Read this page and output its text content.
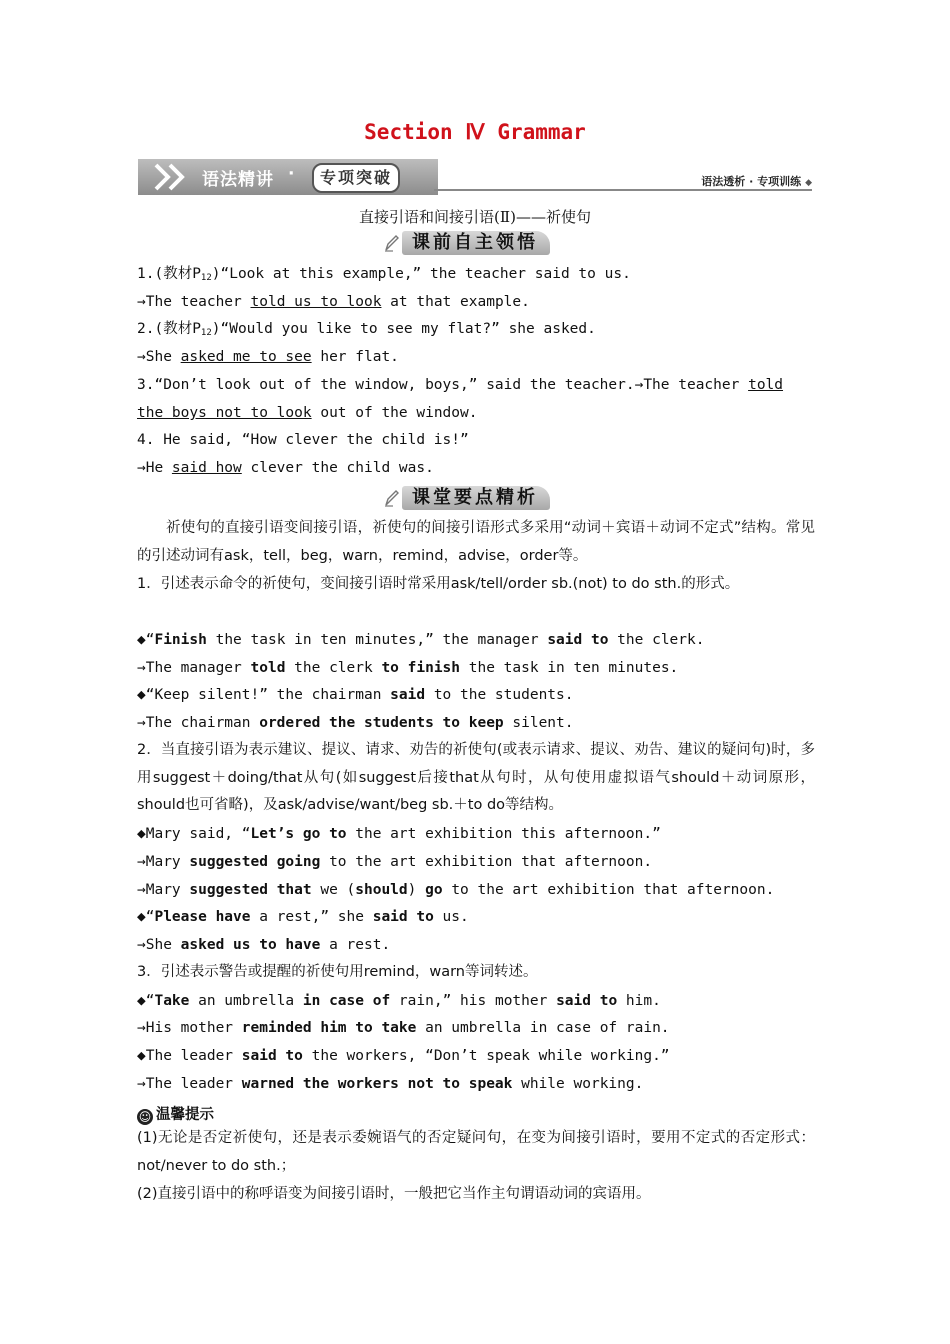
Section Ⅳ Grammar
语法精讲 ·	专项突破	语法透析 · 专项训练 ◆
直接引语和间接引语(Ⅱ)——祈使句
课前自主领悟
1.(教材$P_{12})“Look$ at this example,” the teacher said to us.
→The teacher told us to look at that example.
2.(教材$P_{12})“Would$ you like to see my flat?” she asked.
→She asked me to see her flat.
3.“Don’t look out of the window, boys,” said the teacher.→The teacher told
the boys not to look out of the window.
4. He said, “How clever the child is!”
→He said how clever the child was.
课堂要点精析
祈使句的直接引语变间接引语，祈使句的间接引语形式多采用“动词＋宾语＋动词不定式”结构。常见的引述动词有ask，tell，beg，warn，remind，advise，order等。
1．引述表示命令的祈使句，变间接引语时常采用ask/tell/order sb.(not) to do sth.的形式。
◆“Finish the task in ten minutes,” the manager said to the clerk.
→The manager told the clerk to finish the task in ten minutes.
◆“Keep silent!” the chairman said to the students.
→The chairman ordered the students to keep silent.
2．当直接引语为表示建议、提议、请求、劝告的祈使句(或表示请求、提议、劝告、建议的疑问句)时，多用suggest＋doing/that从句(如suggest后接that从句时，从句使用虚拟语气should＋动词原形，should也可省略)，及ask/advise/want/beg sb.＋to do等结构。
◆Mary said, “Let’s go to the art exhibition this afternoon.”
→Mary suggested going to the art exhibition that afternoon.
→Mary suggested that we (should) go to the art exhibition that afternoon.
◆“Please have a rest,” she said to us.
→She asked us to have a rest.
3．引述表示警告或提醒的祈使句用remind，warn等词转述。
◆“Take an umbrella in case of rain,” his mother said to him.
→His mother reminded him to take an umbrella in case of rain.
◆The leader said to the workers, “Don’t speak while working.”
→The leader warned the workers not to speak while working.
☺ 温馨提示
(1)无论是否定祈使句，还是表示委婉语气的否定疑问句，在变为间接引语时，要用不定式的否定形式：not/never to do sth.；
(2)直接引语中的称呼语变为间接引语时，一般把它当作主句谓语动词的宾语用。
